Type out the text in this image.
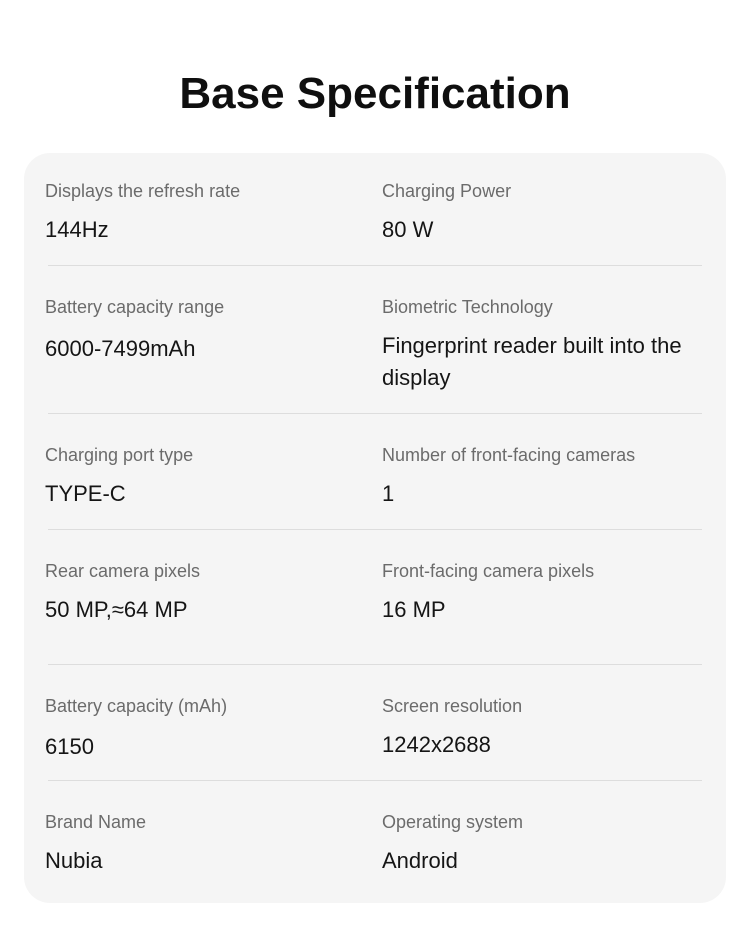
Base Specification
Displays the refresh rate
144Hz
Charging Power
80 W
Battery capacity range
6000-7499mAh
Biometric Technology
Fingerprint reader built into the display
Charging port type
TYPE-C
Number of front-facing cameras
1
Rear camera pixels
50 MP,≈64 MP
Front-facing camera pixels
16 MP
Battery capacity (mAh)
6150
Screen resolution
1242x2688
Brand Name
Nubia
Operating system
Android
